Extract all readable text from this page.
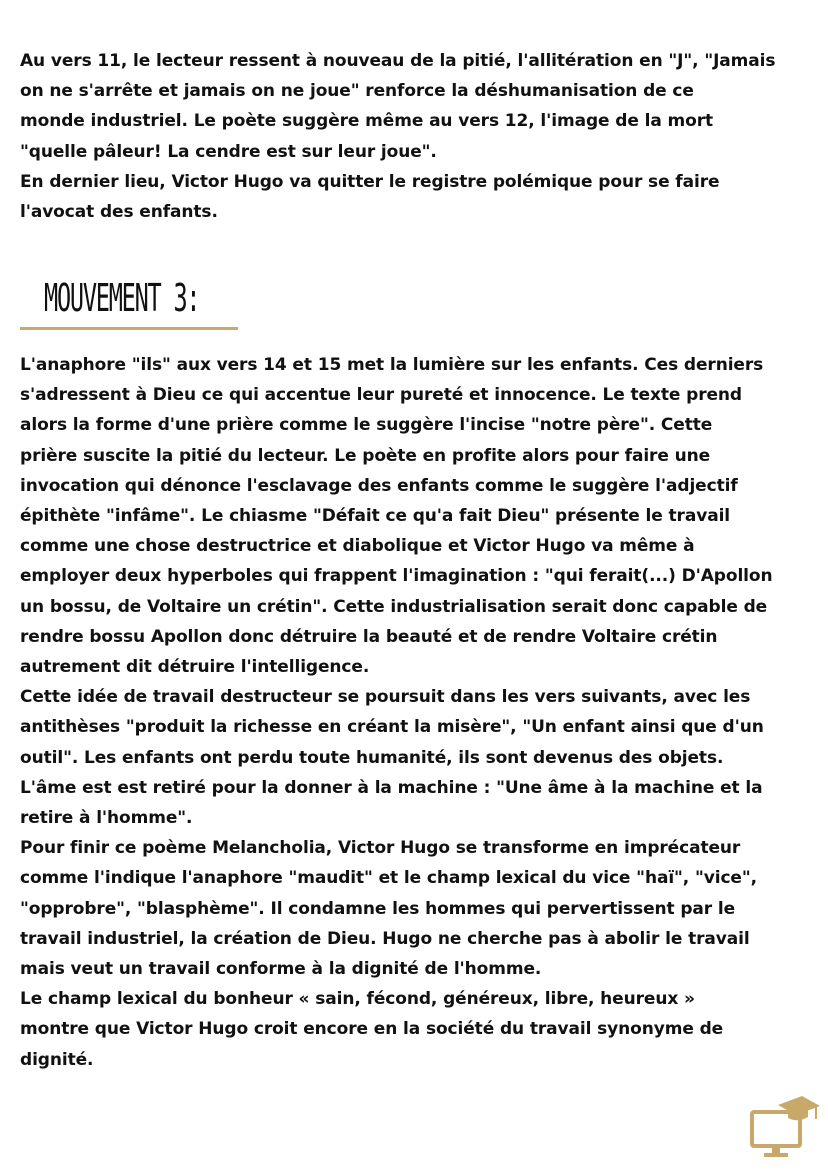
Au vers 11, le lecteur ressent à nouveau de la pitié, l'allitération en "J", "Jamais
on ne s'arrête et jamais on ne joue" renforce la déshumanisation de ce
monde industriel. Le poète suggère même au vers 12, l'image de la mort
"quelle pâleur! La cendre est sur leur joue".
En dernier lieu, Victor Hugo va quitter le registre polémique pour se faire
l'avocat des enfants.

MOUVEMENT 3:

L'anaphore "ils" aux vers 14 et 15 met la lumière sur les enfants. Ces derniers
s'adressent à Dieu ce qui accentue leur pureté et innocence. Le texte prend
alors la forme d'une prière comme le suggère l'incise "notre père". Cette
prière suscite la pitié du lecteur. Le poète en profite alors pour faire une
invocation qui dénonce l'esclavage des enfants comme le suggère l'adjectif
épithète "infâme". Le chiasme "Défait ce qu'a fait Dieu" présente le travail
comme une chose destructrice et diabolique et Victor Hugo va même à
employer deux hyperboles qui frappent l'imagination : "qui ferait(...) D'Apollon
un bossu, de Voltaire un crétin". Cette industrialisation serait donc capable de
rendre bossu Apollon donc détruire la beauté et de rendre Voltaire crétin
autrement dit détruire l'intelligence.
Cette idée de travail destructeur se poursuit dans les vers suivants, avec les
antithèses "produit la richesse en créant la misère", "Un enfant ainsi que d'un
outil". Les enfants ont perdu toute humanité, ils sont devenus des objets.
L'âme est est retiré pour la donner à la machine : "Une âme à la machine et la
retire à l'homme".
Pour finir ce poème Melancholia, Victor Hugo se transforme en imprécateur
comme l'indique l'anaphore "maudit" et le champ lexical du vice "haï", "vice",
"opprobre", "blasphème". Il condamne les hommes qui pervertissent par le
travail industriel, la création de Dieu. Hugo ne cherche pas à abolir le travail
mais veut un travail conforme à la dignité de l'homme.
Le champ lexical du bonheur « sain, fécond, généreux, libre, heureux »
montre que Victor Hugo croit encore en la société du travail synonyme de
dignité.
